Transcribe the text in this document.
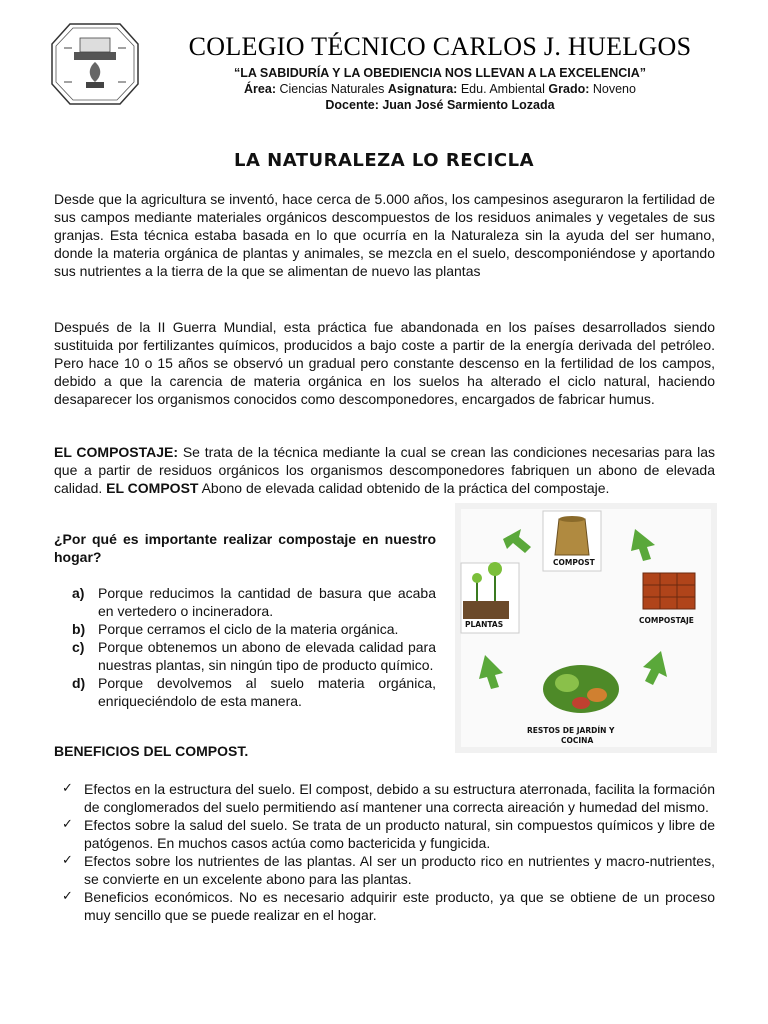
COLEGIO TÉCNICO CARLOS J. HUELGOS
“LA SABIDURÍA Y LA OBEDIENCIA NOS LLEVAN A LA EXCELENCIA”
Área: Ciencias Naturales Asignatura: Edu. Ambiental Grado: Noveno
Docente: Juan José Sarmiento Lozada
LA NATURALEZA LO RECICLA

Desde que la agricultura se inventó, hace cerca de 5.000 años, los campesinos aseguraron la fertilidad de sus campos mediante materiales orgánicos descompuestos de los residuos animales y vegetales de sus granjas. Esta técnica estaba basada en lo que ocurría en la Naturaleza sin la ayuda del ser humano, donde la materia orgánica de plantas y animales, se mezcla en el suelo, descomponiéndose y aportando sus nutrientes a la tierra de la que se alimentan de nuevo las plantas

Después de la II Guerra Mundial, esta práctica fue abandonada en los países desarrollados siendo sustituida por fertilizantes químicos, producidos a bajo coste a partir de la energía derivada del petróleo. Pero hace 10 o 15 años se observó un gradual pero constante descenso en la fertilidad de los campos, debido a que la carencia de materia orgánica en los suelos ha alterado el ciclo natural, haciendo desaparecer los organismos conocidos como descomponedores, encargados de fabricar humus.

EL COMPOSTAJE: Se trata de la técnica mediante la cual se crean las condiciones necesarias para las que a partir de residuos orgánicos los organismos descomponedores fabriquen un abono de elevada calidad. EL COMPOST Abono de elevada calidad obtenido de la práctica del compostaje.

¿Por qué es importante realizar compostaje en nuestro hogar?

a) Porque reducimos la cantidad de basura que acaba en vertedero o incineradora.
b) Porque cerramos el ciclo de la materia orgánica.
c) Porque obtenemos un abono de elevada calidad para nuestras plantas, sin ningún tipo de producto químico.
d) Porque devolvemos al suelo materia orgánica, enriqueciéndolo de esta manera.
COMPOST
PLANTAS	COMPOSTAJE
RESTOS DE JARDÍN Y
COCINA

BENEFICIOS DEL COMPOST.

✓ Efectos en la estructura del suelo. El compost, debido a su estructura aterronada, facilita la formación de conglomerados del suelo permitiendo así mantener una correcta aireación y humedad del mismo.
✓ Efectos sobre la salud del suelo. Se trata de un producto natural, sin compuestos químicos y libre de patógenos. En muchos casos actúa como bactericida y fungicida.
✓ Efectos sobre los nutrientes de las plantas. Al ser un producto rico en nutrientes y macro-nutrientes, se convierte en un excelente abono para las plantas.
✓ Beneficios económicos. No es necesario adquirir este producto, ya que se obtiene de un proceso muy sencillo que se puede realizar en el hogar.
